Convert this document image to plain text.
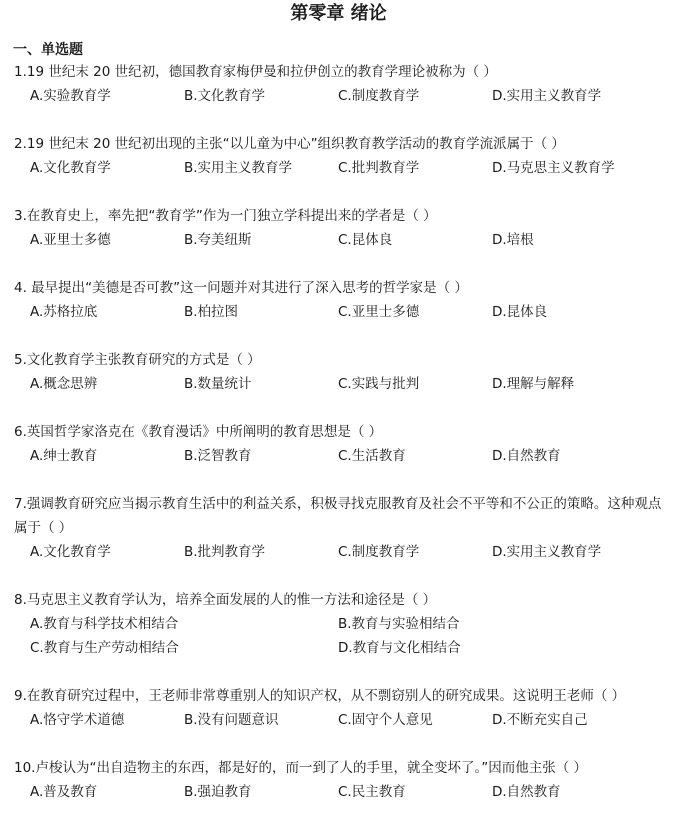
第零章 绪论
一、单选题
1.19 世纪末 20 世纪初，德国教育家梅伊曼和拉伊创立的教育学理论被称为（ ）
A.实验教育学	B.文化教育学	C.制度教育学	D.实用主义教育学
2.19 世纪末 20 世纪初出现的主张“以儿童为中心”组织教育教学活动的教育学流派属于（ ）
A.文化教育学	B.实用主义教育学	C.批判教育学	D.马克思主义教育学
3.在教育史上，率先把“教育学”作为一门独立学科提出来的学者是（ ）
A.亚里士多德	B.夸美纽斯	C.昆体良	D.培根
4. 最早提出“美德是否可教”这一问题并对其进行了深入思考的哲学家是（ ）
A.苏格拉底	B.柏拉图	C.亚里士多德	D.昆体良
5.文化教育学主张教育研究的方式是（ ）
A.概念思辨	B.数量统计	C.实践与批判	D.理解与解释
6.英国哲学家洛克在《教育漫话》中所阐明的教育思想是（ ）
A.绅士教育	B.泛智教育	C.生活教育	D.自然教育
7.强调教育研究应当揭示教育生活中的利益关系，积极寻找克服教育及社会不平等和不公正的策略。这种观点属于（ ）
A.文化教育学	B.批判教育学	C.制度教育学	D.实用主义教育学
8.马克思主义教育学认为，培养全面发展的人的惟一方法和途径是（ ）
A.教育与科学技术相结合	B.教育与实验相结合
C.教育与生产劳动相结合	D.教育与文化相结合
9.在教育研究过程中，王老师非常尊重别人的知识产权，从不剽窃别人的研究成果。这说明王老师（ ）
A.恪守学术道德	B.没有问题意识	C.固守个人意见	D.不断充实自己
10.卢梭认为“出自造物主的东西，都是好的，而一到了人的手里，就全变坏了。”因而他主张（ ）
A.普及教育	B.强迫教育	C.民主教育	D.自然教育
